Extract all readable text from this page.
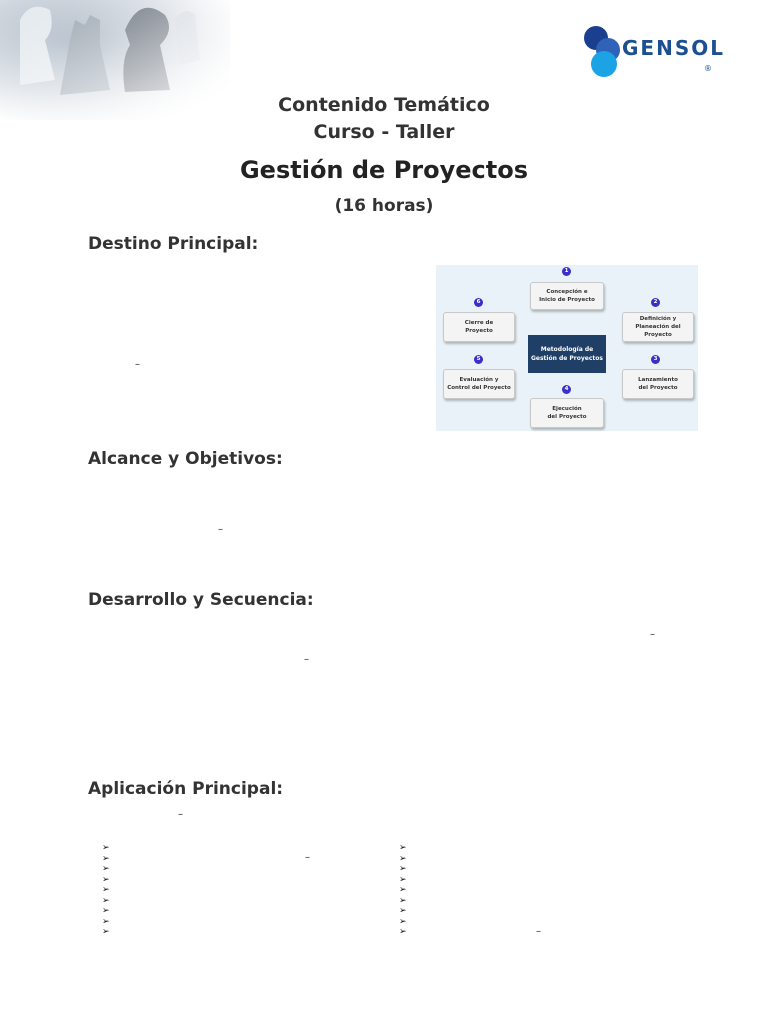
GENSOL
®
Contenido Temático
Curso - Taller
Gestión de Proyectos
(16 horas)
Destino Principal:
–
Metodología de
Gestión de Proyectos
1
Concepción e
Inicio de Proyecto	2
Definición y
Planeación del Proyecto
3
Lanzamiento
del Proyecto
4
Ejecución
del Proyecto
5
Evaluación y
Control del Proyecto
6
Cierre de
Proyecto
Alcance y Objetivos:
–
Desarrollo y Secuencia:
–
–
Aplicación Principal:
–
➢
➢
➢
➢
➢
➢
➢
➢
➢
–
➢
➢
➢
➢
➢
➢
➢
➢
➢	–
